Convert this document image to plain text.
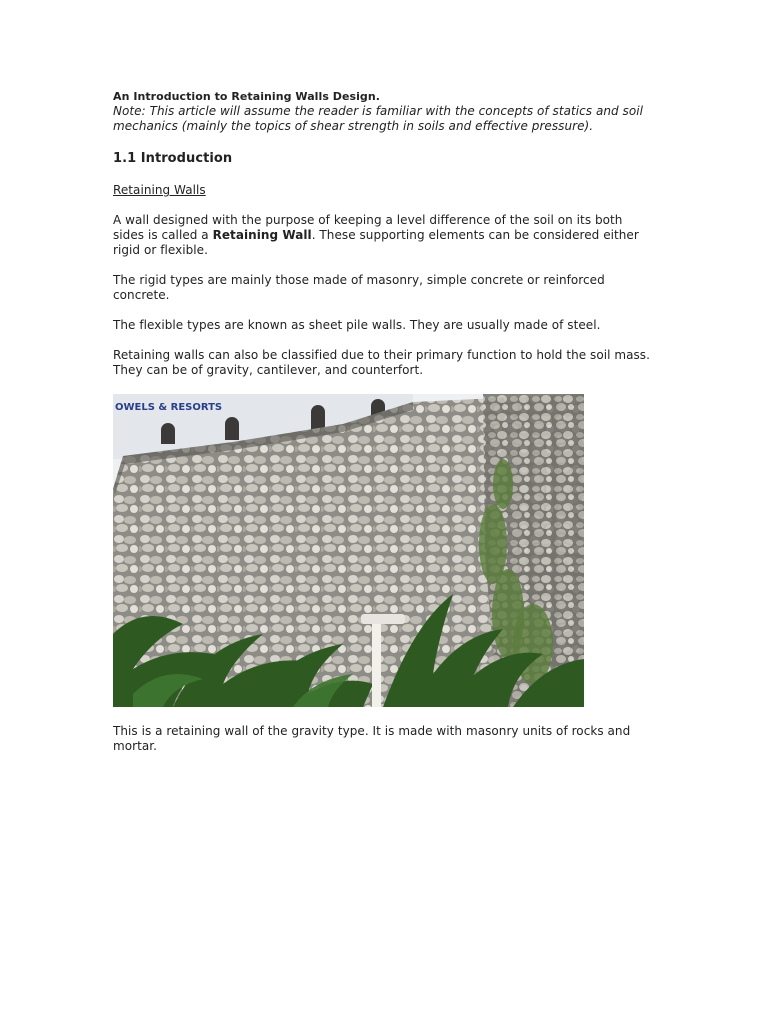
An Introduction to Retaining Walls Design.

Note: This article will assume the reader is familiar with the concepts of statics and soil mechanics (mainly the topics of shear strength in soils and effective pressure).

1.1 Introduction

Retaining Walls

A wall designed with the purpose of keeping a level difference of the soil on its both sides is called a Retaining Wall. These supporting elements can be considered either rigid or flexible.

The rigid types are mainly those made of masonry, simple concrete or reinforced concrete.

The flexible types are known as sheet pile walls. They are usually made of steel.

Retaining walls can also be classified due to their primary function to hold the soil mass. They can be of gravity, cantilever, and counterfort.

OWELS & RESORTS

This is a retaining wall of the gravity type. It is made with masonry units of rocks and mortar.
